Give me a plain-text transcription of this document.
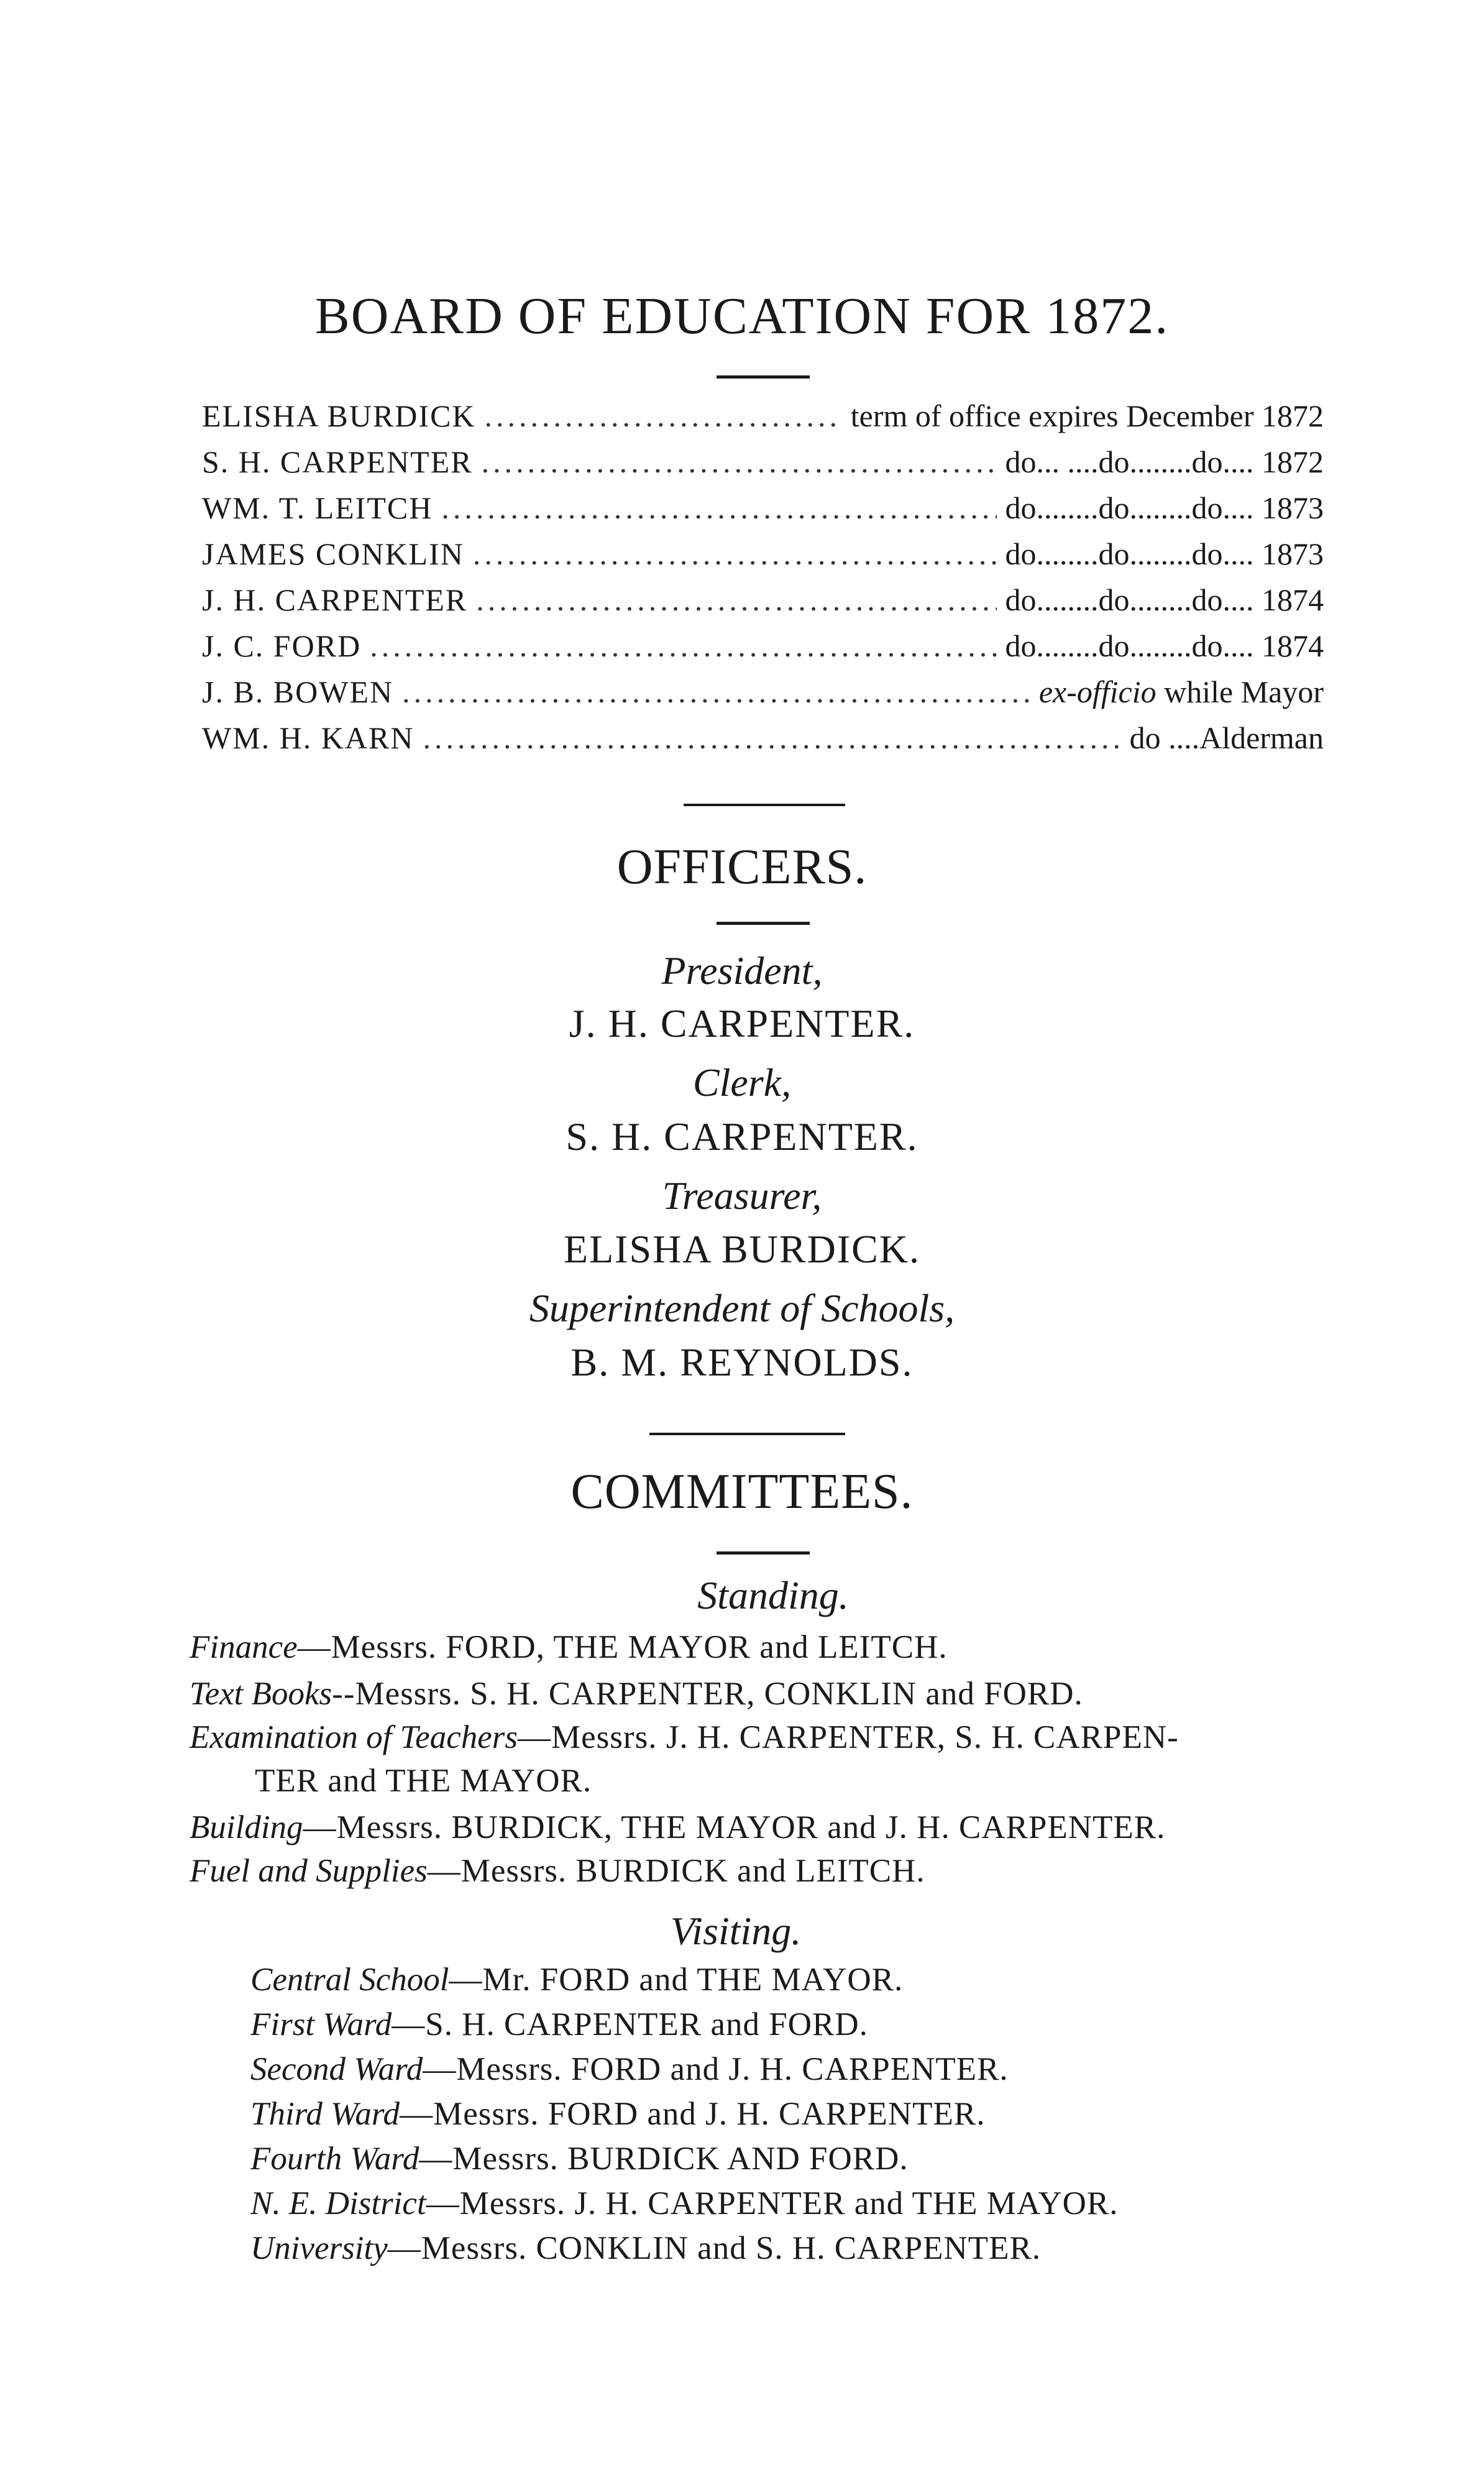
BOARD OF EDUCATION FOR 1872.
ELISHA BURDICK .....	term of office expires December 1872
S. H. CARPENTER .....	do... ....do........do.... 1872
WM. T. LEITCH .....	do........do........do.... 1873
JAMES CONKLIN .....	do........do........do.... 1873
J. H. CARPENTER .....	do........do........do.... 1874
J. C. FORD .....	do........do........do.... 1874
J. B. BOWEN .....	ex-officio while Mayor
WM. H. KARN .....	do ....Alderman
OFFICERS.
President,
J. H. CARPENTER.
Clerk,
S. H. CARPENTER.
Treasurer,
ELISHA BURDICK.
Superintendent of Schools,
B. M. REYNOLDS.
COMMITTEES.
Standing.
Finance—Messrs. FORD, THE MAYOR and LEITCH.
Text Books--Messrs. S. H. CARPENTER, CONKLIN and FORD.
Examination of Teachers—Messrs. J. H. CARPENTER, S. H. CARPEN-
TER and THE MAYOR.
Building—Messrs. BURDICK, THE MAYOR and J. H. CARPENTER.
Fuel and Supplies—Messrs. BURDICK and LEITCH.
Visiting.
Central School—Mr. FORD and THE MAYOR.
First Ward—S. H. CARPENTER and FORD.
Second Ward—Messrs. FORD and J. H. CARPENTER.
Third Ward—Messrs. FORD and J. H. CARPENTER.
Fourth Ward—Messrs. BURDICK AND FORD.
N. E. District—Messrs. J. H. CARPENTER and THE MAYOR.
University—Messrs. CONKLIN and S. H. CARPENTER.
